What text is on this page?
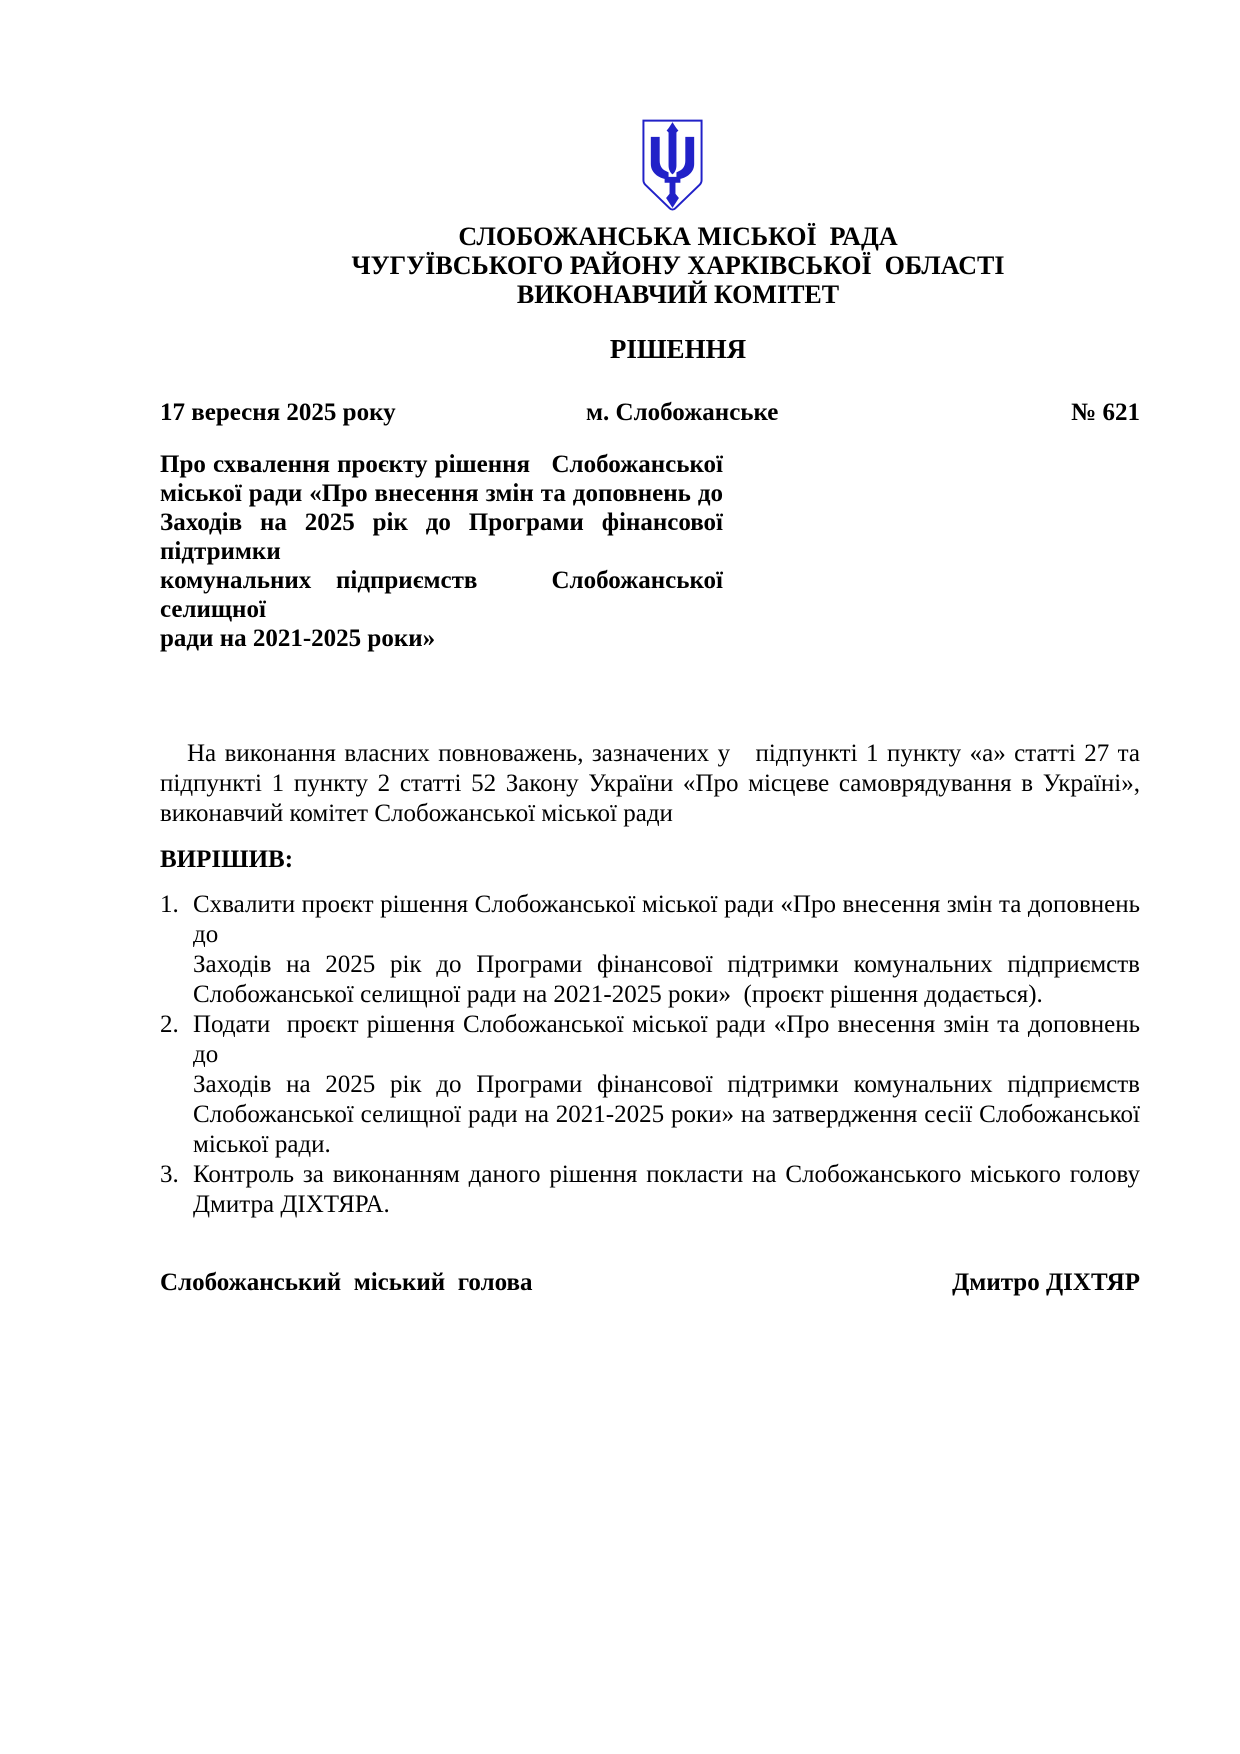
СЛОБОЖАНСЬКА МІСЬКОЇ  РАДА
ЧУГУЇВСЬКОГО РАЙОНУ ХАРКІВСЬКОЇ  ОБЛАСТІ
ВИКОНАВЧИЙ КОМІТЕТ
РІШЕННЯ
17 вересня 2025 року	м. Слобожанське	№ 621
Про схвалення проєкту рішення   Слобожанської
міської ради «Про внесення змін та доповнень до
Заходів на 2025 рік до Програми фінансової підтримки
комунальних підприємств   Слобожанської селищної
ради на 2021-2025 роки»
На виконання власних повноважень, зазначених у   підпункті 1 пункту «а» статті 27 та
підпункті 1 пункту 2 статті 52 Закону України «Про місцеве самоврядування в Україні»,
виконавчий комітет Слобожанської міської ради
ВИРІШИВ:
1. Схвалити проєкт рішення Слобожанської міської ради «Про внесення змін та доповнень до
Заходів на 2025 рік до Програми фінансової підтримки комунальних підприємств
Слобожанської селищної ради на 2021-2025 роки»  (проєкт рішення додається).
2. Подати  проєкт рішення Слобожанської міської ради «Про внесення змін та доповнень до
Заходів на 2025 рік до Програми фінансової підтримки комунальних підприємств
Слобожанської селищної ради на 2021-2025 роки» на затвердження сесії Слобожанської
міської ради.
3. Контроль за виконанням даного рішення покласти на Слобожанського міського голову
Дмитра ДІХТЯРА.
Слобожанський  міський  голова	Дмитро ДІХТЯР
